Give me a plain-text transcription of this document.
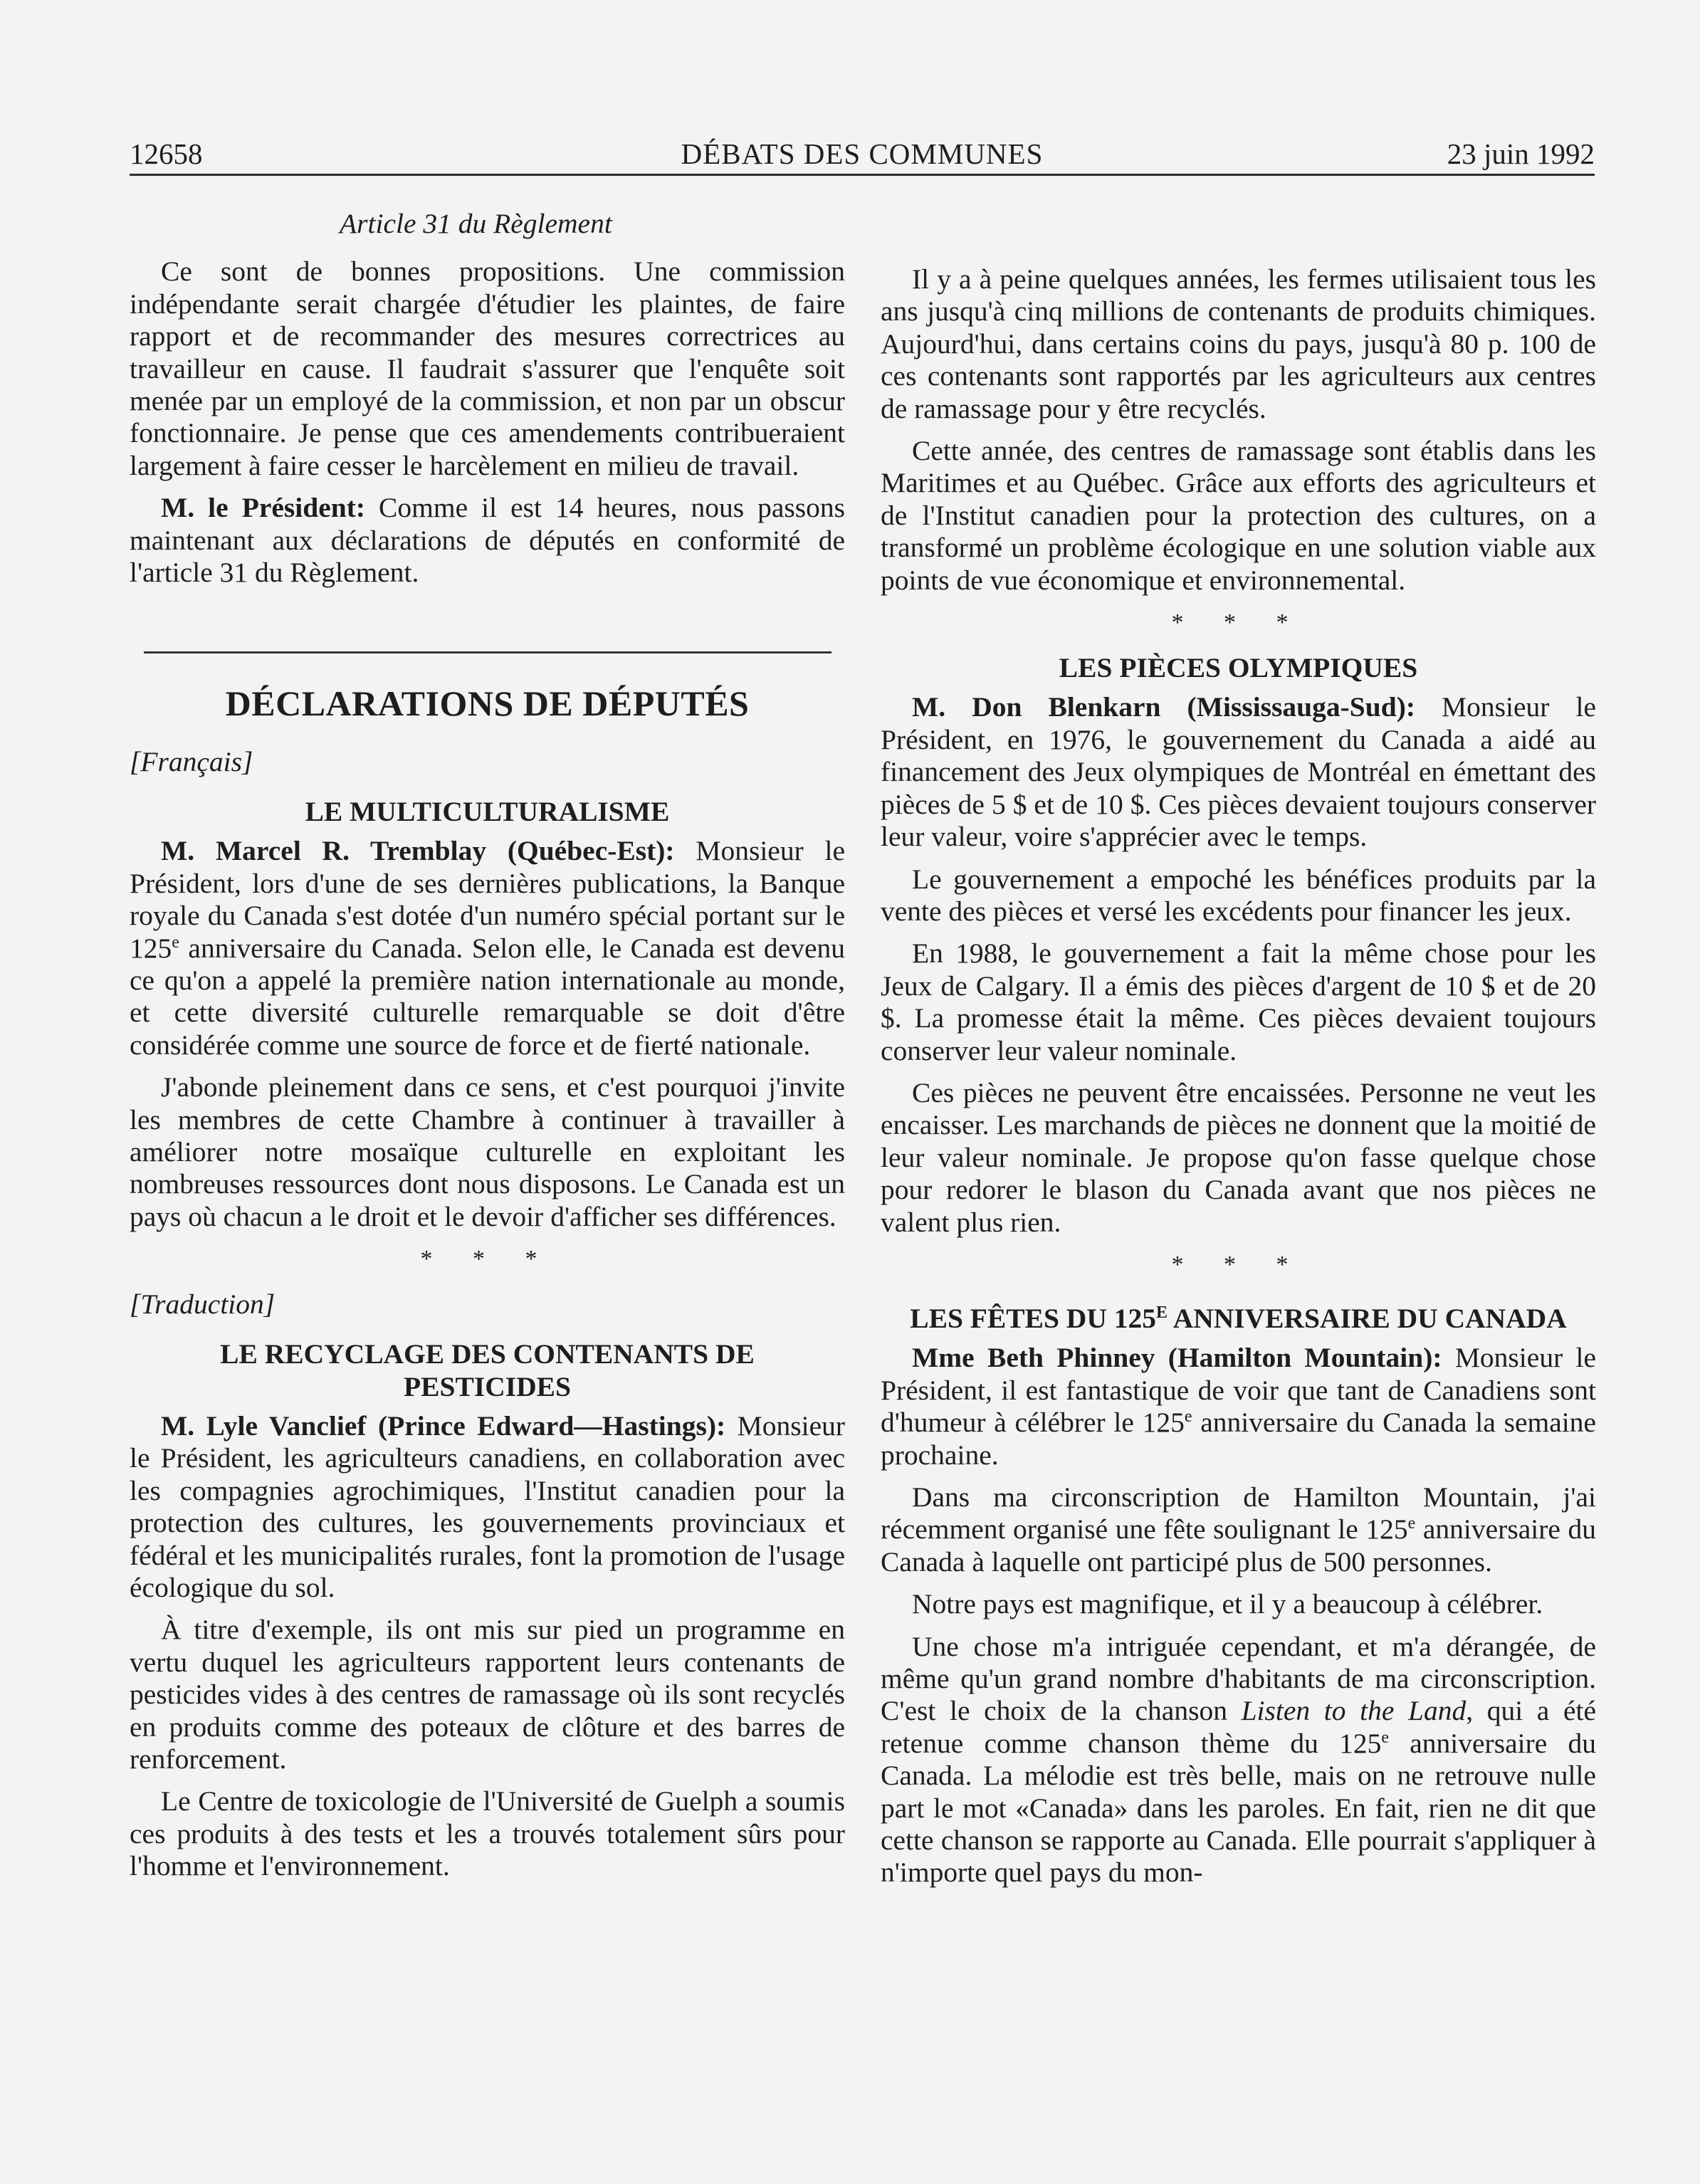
12658	DÉBATS DES COMMUNES	23 juin 1992

Article 31 du Règlement

Ce sont de bonnes propositions. Une commission indépendante serait chargée d'étudier les plaintes, de faire rapport et de recommander des mesures correctrices au travailleur en cause. Il faudrait s'assurer que l'enquête soit menée par un employé de la commission, et non par un obscur fonctionnaire. Je pense que ces amendements contribueraient largement à faire cesser le harcèlement en milieu de travail.

M. le Président: Comme il est 14 heures, nous passons maintenant aux déclarations de députés en conformité de l'article 31 du Règlement.

DÉCLARATIONS DE DÉPUTÉS

[Français]

LE MULTICULTURALISME

M. Marcel R. Tremblay (Québec-Est): Monsieur le Président, lors d'une de ses dernières publications, la Banque royale du Canada s'est dotée d'un numéro spécial portant sur le 125e anniversaire du Canada. Selon elle, le Canada est devenu ce qu'on a appelé la première nation internationale au monde, et cette diversité culturelle remarquable se doit d'être considérée comme une source de force et de fierté nationale.

J'abonde pleinement dans ce sens, et c'est pourquoi j'invite les membres de cette Chambre à continuer à travailler à améliorer notre mosaïque culturelle en exploitant les nombreuses ressources dont nous disposons. Le Canada est un pays où chacun a le droit et le devoir d'afficher ses différences.

* * *

[Traduction]

LE RECYCLAGE DES CONTENANTS DE PESTICIDES

M. Lyle Vanclief (Prince Edward—Hastings): Monsieur le Président, les agriculteurs canadiens, en collaboration avec les compagnies agrochimiques, l'Institut canadien pour la protection des cultures, les gouvernements provinciaux et fédéral et les municipalités rurales, font la promotion de l'usage écologique du sol.

À titre d'exemple, ils ont mis sur pied un programme en vertu duquel les agriculteurs rapportent leurs contenants de pesticides vides à des centres de ramassage où ils sont recyclés en produits comme des poteaux de clôture et des barres de renforcement.

Le Centre de toxicologie de l'Université de Guelph a soumis ces produits à des tests et les a trouvés totalement sûrs pour l'homme et l'environnement.

Il y a à peine quelques années, les fermes utilisaient tous les ans jusqu'à cinq millions de contenants de produits chimiques. Aujourd'hui, dans certains coins du pays, jusqu'à 80 p. 100 de ces contenants sont rapportés par les agriculteurs aux centres de ramassage pour y être recyclés.

Cette année, des centres de ramassage sont établis dans les Maritimes et au Québec. Grâce aux efforts des agriculteurs et de l'Institut canadien pour la protection des cultures, on a transformé un problème écologique en une solution viable aux points de vue économique et environnemental.

* * *

LES PIÈCES OLYMPIQUES

M. Don Blenkarn (Mississauga-Sud): Monsieur le Président, en 1976, le gouvernement du Canada a aidé au financement des Jeux olympiques de Montréal en émettant des pièces de 5 $ et de 10 $. Ces pièces devaient toujours conserver leur valeur, voire s'apprécier avec le temps.

Le gouvernement a empoché les bénéfices produits par la vente des pièces et versé les excédents pour financer les jeux.

En 1988, le gouvernement a fait la même chose pour les Jeux de Calgary. Il a émis des pièces d'argent de 10 $ et de 20 $. La promesse était la même. Ces pièces devaient toujours conserver leur valeur nominale.

Ces pièces ne peuvent être encaissées. Personne ne veut les encaisser. Les marchands de pièces ne donnent que la moitié de leur valeur nominale. Je propose qu'on fasse quelque chose pour redorer le blason du Canada avant que nos pièces ne valent plus rien.

* * *

LES FÊTES DU $125^E$ ANNIVERSAIRE DU CANADA

Mme Beth Phinney (Hamilton Mountain): Monsieur le Président, il est fantastique de voir que tant de Canadiens sont d'humeur à célébrer le 125e anniversaire du Canada la semaine prochaine.

Dans ma circonscription de Hamilton Mountain, j'ai récemment organisé une fête soulignant le 125e anniversaire du Canada à laquelle ont participé plus de 500 personnes.

Notre pays est magnifique, et il y a beaucoup à célébrer.

Une chose m'a intriguée cependant, et m'a dérangée, de même qu'un grand nombre d'habitants de ma circonscription. C'est le choix de la chanson Listen to the Land, qui a été retenue comme chanson thème du 125e anniversaire du Canada. La mélodie est très belle, mais on ne retrouve nulle part le mot «Canada» dans les paroles. En fait, rien ne dit que cette chanson se rapporte au Canada. Elle pourrait s'appliquer à n'importe quel pays du mon-
